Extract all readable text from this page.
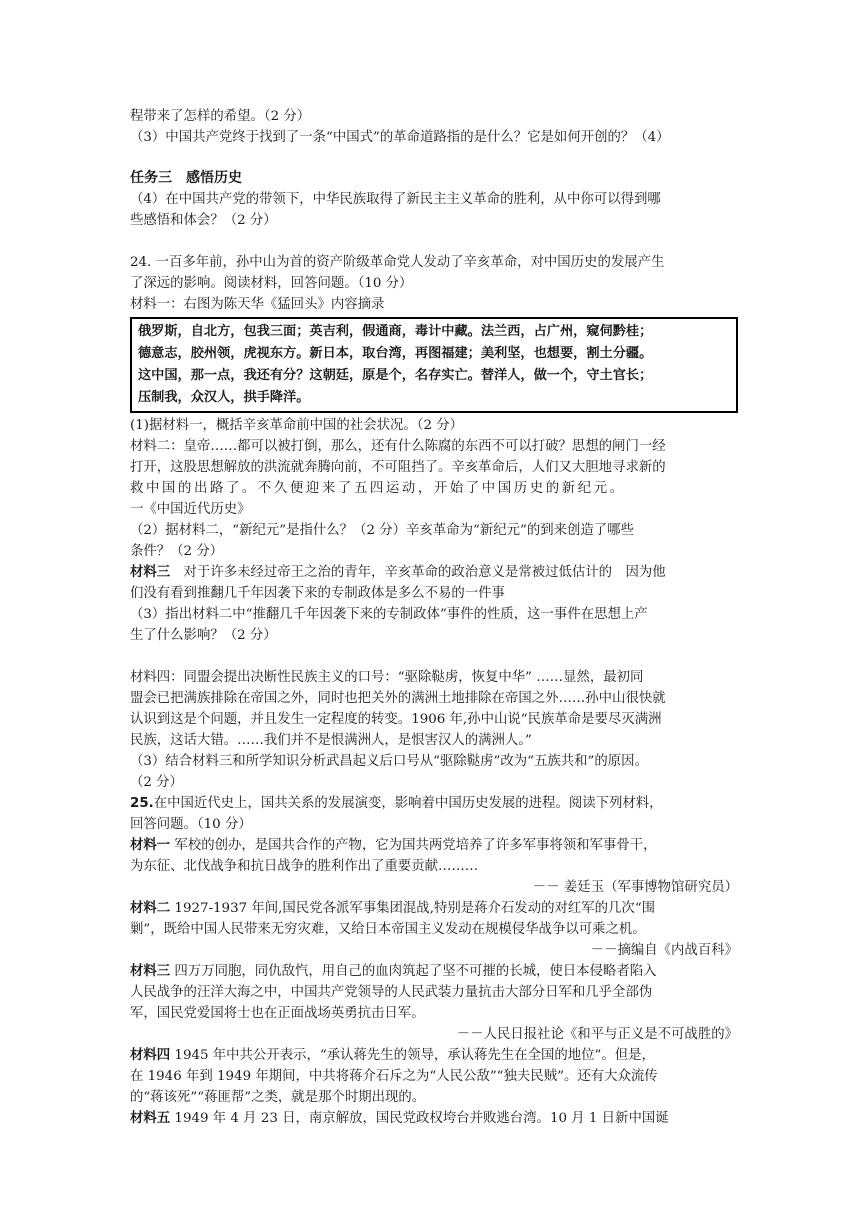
程带来了怎样的希望。（2 分）

（3）中国共产党终于找到了一条“中国式”的革命道路指的是什么？它是如何开创的？（4）

任务三　感悟历史

（4）在中国共产党的带领下，中华民族取得了新民主主义革命的胜利，从中你可以得到哪

些感悟和体会？（2 分）

24. 一百多年前，孙中山为首的资产阶级革命党人发动了辛亥革命，对中国历史的发展产生

了深远的影响。阅读材料，回答问题。（10 分）

材料一：右图为陈天华《猛回头》内容摘录

俄罗斯，自北方，包我三面；英吉利，假通商，毒计中藏。法兰西，占广州，窥伺黔桂；

德意志，胶州领，虎视东方。新日本，取台湾，再图福建；美利坚，也想要，割土分疆。

这中国，那一点，我还有分？这朝廷，原是个，名存实亡。替洋人，做一个，守土官长；

压制我，众汉人，拱手降洋。

(1)据材料一，概括辛亥革命前中国的社会状况。（2 分）

材料二：皇帝……都可以被打倒，那么，还有什么陈腐的东西不可以打破？思想的闸门一经

打开，这股思想解放的洪流就奔腾向前，不可阻挡了。辛亥革命后，人们又大胆地寻求新的

救中国的出路了。不久便迎来了五四运动，开始了中国历史的新纪元。

一《中国近代历史》

（2）据材料二，“新纪元”是指什么？（2 分）辛亥革命为“新纪元”的到来创造了哪些

条件？（2 分）

材料三　对于许多未经过帝王之治的青年，辛亥革命的政治意义是常被过低估计的　因为他

们没有看到推翻几千年因袭下来的专制政体是多么不易的一件事

（3）指出材料二中“推翻几千年因袭下来的专制政体”事件的性质，这一事件在思想上产

生了什么影响？（2 分）

材料四：同盟会提出决断性民族主义的口号：“驱除鞑虏，恢复中华” ……显然，最初同

盟会已把满族排除在帝国之外，同时也把关外的满洲土地排除在帝国之外……孙中山很快就

认识到这是个问题，并且发生一定程度的转变。1906 年,孙中山说“民族革命是要尽灭满洲

民族，这话大错。……我们并不是恨满洲人，是恨害汉人的满洲人。”

（3）结合材料三和所学知识分析武昌起义后口号从“驱除鞑虏”改为“五族共和”的原因。

（2 分）

25.在中国近代史上，国共关系的发展演变，影响着中国历史发展的进程。阅读下列材料，

回答问题。（10 分）

材料一 军校的创办，是国共合作的产物，它为国共两党培养了许多军事将领和军事骨干，

为东征、北伐战争和抗日战争的胜利作出了重要贡献………

－－ 姜廷玉（军事博物馆研究员）

材料二 1927-1937 年间,国民党各派军事集团混战,特别是蒋介石发动的对红军的几次“围

剿”，既给中国人民带来无穷灾难，又给日本帝国主义发动在规模侵华战争以可乘之机。

－－摘编自《内战百科》

材料三 四万万同胞，同仇敌忾，用自己的血肉筑起了坚不可摧的长城，使日本侵略者陷入

人民战争的汪洋大海之中，中国共产党领导的人民武装力量抗击大部分日军和几乎全部伪

军，国民党爱国将士也在正面战场英勇抗击日军。

－－人民日报社论《和平与正义是不可战胜的》

材料四 1945 年中共公开表示，“承认蒋先生的领导，承认蒋先生在全国的地位”。但是，

在 1946 年到 1949 年期间，中共将蒋介石斥之为“人民公敌”“独夫民贼”。还有大众流传

的“蒋该死”“蒋匪帮”之类，就是那个时期出现的。

材料五 1949 年 4 月 23 日，南京解放，国民党政权垮台并败逃台湾。10 月 1 日新中国诞
